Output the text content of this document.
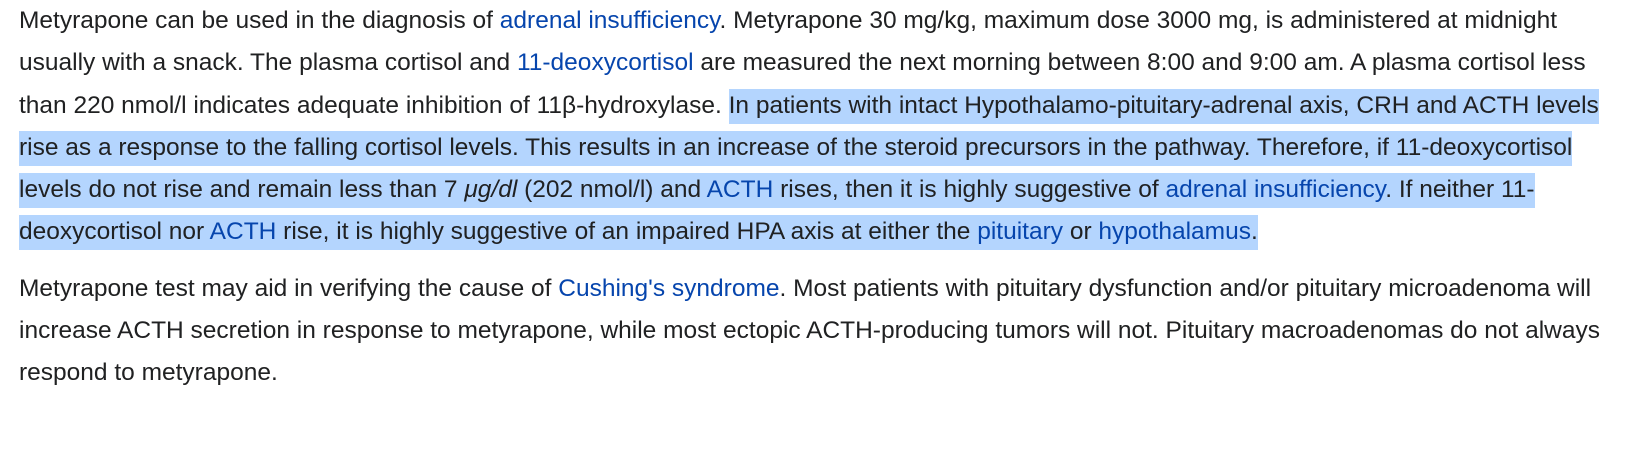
Metyrapone can be used in the diagnosis of adrenal insufficiency. Metyrapone 30 mg/kg, maximum dose 3000 mg, is administered at midnight usually with a snack. The plasma cortisol and 11-deoxycortisol are measured the next morning between 8:00 and 9:00 am. A plasma cortisol less than 220 nmol/l indicates adequate inhibition of 11β-hydroxylase. In patients with intact Hypothalamo-pituitary-adrenal axis, CRH and ACTH levels rise as a response to the falling cortisol levels. This results in an increase of the steroid precursors in the pathway. Therefore, if 11-deoxycortisol levels do not rise and remain less than 7 μg/dl (202 nmol/l) and ACTH rises, then it is highly suggestive of adrenal insufficiency. If neither 11-deoxycortisol nor ACTH rise, it is highly suggestive of an impaired HPA axis at either the pituitary or hypothalamus.

Metyrapone test may aid in verifying the cause of Cushing's syndrome. Most patients with pituitary dysfunction and/or pituitary microadenoma will increase ACTH secretion in response to metyrapone, while most ectopic ACTH-producing tumors will not. Pituitary macroadenomas do not always respond to metyrapone.
